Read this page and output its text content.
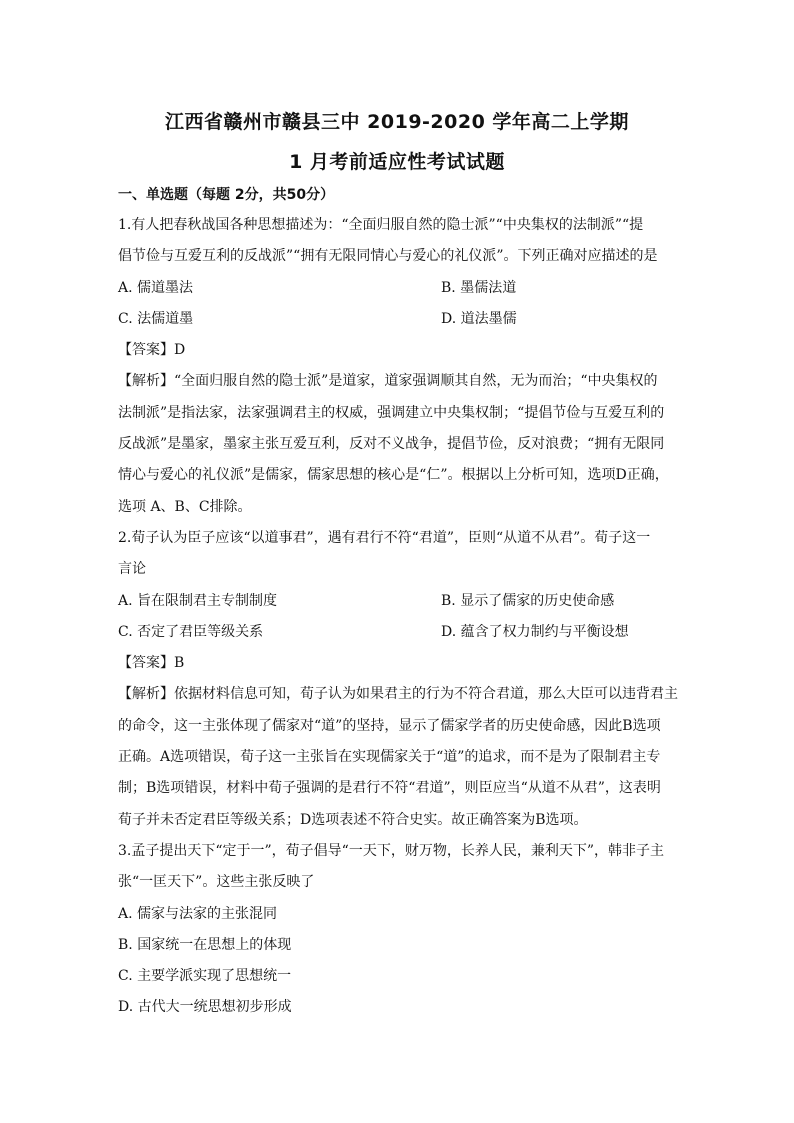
江西省赣州市赣县三中 2019-2020 学年高二上学期
1 月考前适应性考试试题
一、单选题（每题 2分，共50分）
1.有人把春秋战国各种思想描述为：“全面归服自然的隐士派”“中央集权的法制派”“提
倡节俭与互爱互利的反战派”“拥有无限同情心与爱心的礼仪派”。下列正确对应描述的是
A. 儒道墨法	B. 墨儒法道
C. 法儒道墨	D. 道法墨儒
【答案】D
【解析】“全面归服自然的隐士派”是道家，道家强调顺其自然，无为而治；“中央集权的
法制派”是指法家，法家强调君主的权威，强调建立中央集权制；“提倡节俭与互爱互利的
反战派”是墨家，墨家主张互爱互利，反对不义战争，提倡节俭，反对浪费；“拥有无限同
情心与爱心的礼仪派”是儒家，儒家思想的核心是“仁”。根据以上分析可知，选项D正确，
选项 A、B、C排除。
2.荀子认为臣子应该“以道事君”，遇有君行不符“君道”，臣则“从道不从君”。荀子这一
言论
A. 旨在限制君主专制制度	B. 显示了儒家的历史使命感
C. 否定了君臣等级关系	D. 蕴含了权力制约与平衡设想
【答案】B
【解析】依据材料信息可知，荀子认为如果君主的行为不符合君道，那么大臣可以违背君主
的命令，这一主张体现了儒家对“道”的坚持，显示了儒家学者的历史使命感，因此B选项
正确。A选项错误，荀子这一主张旨在实现儒家关于“道”的追求，而不是为了限制君主专
制；B选项错误，材料中荀子强调的是君行不符“君道”，则臣应当“从道不从君”，这表明
荀子并未否定君臣等级关系；D选项表述不符合史实。故正确答案为B选项。
3.孟子提出天下“定于一”，荀子倡导“一天下，财万物，长养人民，兼利天下”，韩非子主
张“一匡天下”。这些主张反映了
A. 儒家与法家的主张混同
B. 国家统一在思想上的体现
C. 主要学派实现了思想统一
D. 古代大一统思想初步形成
